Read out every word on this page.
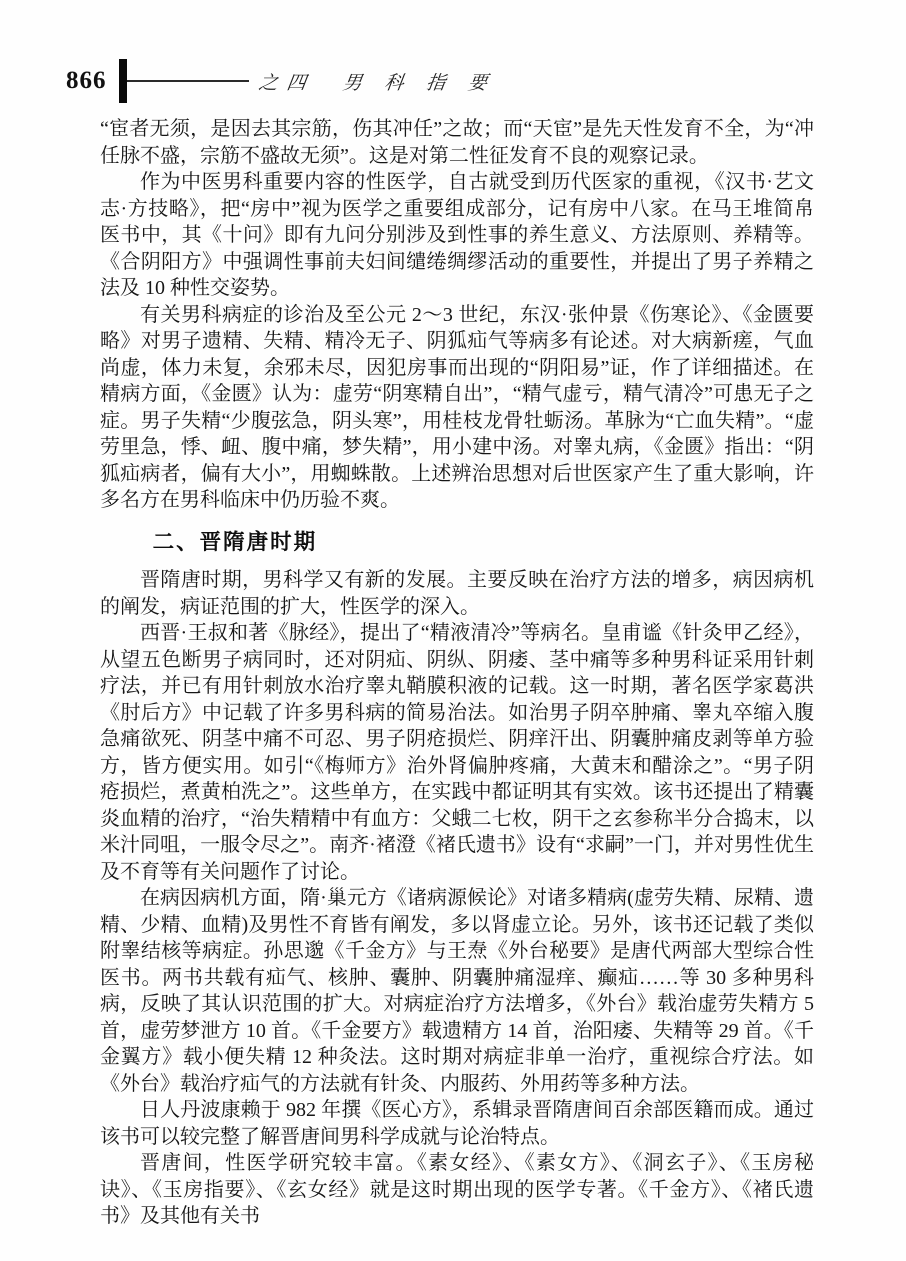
866	之四　男 科 指 要

“宦者无须，是因去其宗筋，伤其冲任”之故；而“天宦”是先天性发育不全，为“冲任脉不盛，宗筋不盛故无须”。这是对第二性征发育不良的观察记录。

作为中医男科重要内容的性医学，自古就受到历代医家的重视，《汉书·艺文志·方技略》，把“房中”视为医学之重要组成部分，记有房中八家。在马王堆简帛医书中，其《十问》即有九问分别涉及到性事的养生意义、方法原则、养精等。《合阴阳方》中强调性事前夫妇间缱绻绸缪活动的重要性，并提出了男子养精之法及 10 种性交姿势。

有关男科病症的诊治及至公元 2～3 世纪，东汉·张仲景《伤寒论》、《金匮要略》对男子遗精、失精、精冷无子、阴狐疝气等病多有论述。对大病新瘥，气血尚虚，体力未复，余邪未尽，因犯房事而出现的“阴阳易”证，作了详细描述。在精病方面，《金匮》认为：虚劳“阴寒精自出”，“精气虚亏，精气清冷”可患无子之症。男子失精“少腹弦急，阴头寒”，用桂枝龙骨牡蛎汤。革脉为“亡血失精”。“虚劳里急，悸、衄、腹中痛，梦失精”，用小建中汤。对睾丸病，《金匮》指出：“阴狐疝病者，偏有大小”，用蜘蛛散。上述辨治思想对后世医家产生了重大影响，许多名方在男科临床中仍历验不爽。

二、晋隋唐时期

晋隋唐时期，男科学又有新的发展。主要反映在治疗方法的增多，病因病机的阐发，病证范围的扩大，性医学的深入。

西晋·王叔和著《脉经》，提出了“精液清冷”等病名。皇甫谧《针灸甲乙经》，从望五色断男子病同时，还对阴疝、阴纵、阴痿、茎中痛等多种男科证采用针刺疗法，并已有用针刺放水治疗睾丸鞘膜积液的记载。这一时期，著名医学家葛洪《肘后方》中记载了许多男科病的简易治法。如治男子阴卒肿痛、睾丸卒缩入腹急痛欲死、阴茎中痛不可忍、男子阴疮损烂、阴痒汗出、阴囊肿痛皮剥等单方验方，皆方便实用。如引“《梅师方》治外肾偏肿疼痛，大黄末和醋涂之”。“男子阴疮损烂，煮黄柏洗之”。这些单方，在实践中都证明其有实效。该书还提出了精囊炎血精的治疗，“治失精精中有血方：父蛾二七枚，阴干之玄参称半分合捣末，以米汁同咀，一服令尽之”。南齐·褚澄《褚氏遗书》设有“求嗣”一门，并对男性优生及不育等有关问题作了讨论。

在病因病机方面，隋·巢元方《诸病源候论》对诸多精病(虚劳失精、尿精、遗精、少精、血精)及男性不育皆有阐发，多以肾虚立论。另外，该书还记载了类似附睾结核等病症。孙思邈《千金方》与王焘《外台秘要》是唐代两部大型综合性医书。两书共载有疝气、核肿、囊肿、阴囊肿痛湿痒、癫疝……等 30 多种男科病，反映了其认识范围的扩大。对病症治疗方法增多，《外台》载治虚劳失精方 5 首，虚劳梦泄方 10 首。《千金要方》载遗精方 14 首，治阳痿、失精等 29 首。《千金翼方》载小便失精 12 种灸法。这时期对病症非单一治疗，重视综合疗法。如《外台》载治疗疝气的方法就有针灸、内服药、外用药等多种方法。

日人丹波康赖于 982 年撰《医心方》，系辑录晋隋唐间百余部医籍而成。通过该书可以较完整了解晋唐间男科学成就与论治特点。

晋唐间，性医学研究较丰富。《素女经》、《素女方》、《洞玄子》、《玉房秘诀》、《玉房指要》、《玄女经》就是这时期出现的医学专著。《千金方》、《褚氏遗书》及其他有关书
